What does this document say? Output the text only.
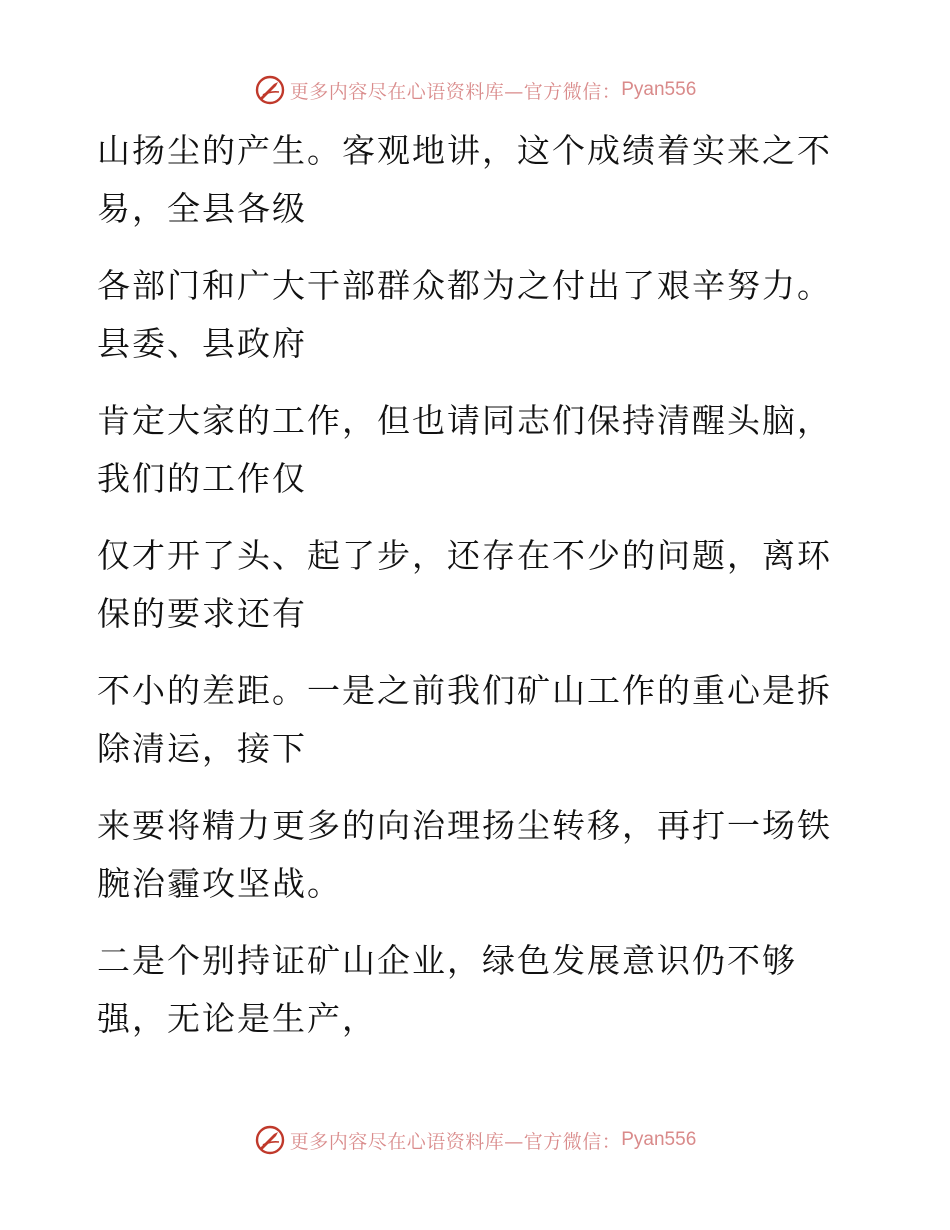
更多内容尽在心语资料库—官方微信： Pyan556

山扬尘的产生。客观地讲，这个成绩着实来之不
易，全县各级

各部门和广大干部群众都为之付出了艰辛努力。
县委、县政府

肯定大家的工作，但也请同志们保持清醒头脑，
我们的工作仅

仅才开了头、起了步，还存在不少的问题，离环
保的要求还有

不小的差距。一是之前我们矿山工作的重心是拆
除清运，接下

来要将精力更多的向治理扬尘转移，再打一场铁
腕治霾攻坚战。

二是个别持证矿山企业，绿色发展意识仍不够
强，无论是生产，

更多内容尽在心语资料库—官方微信： Pyan556
